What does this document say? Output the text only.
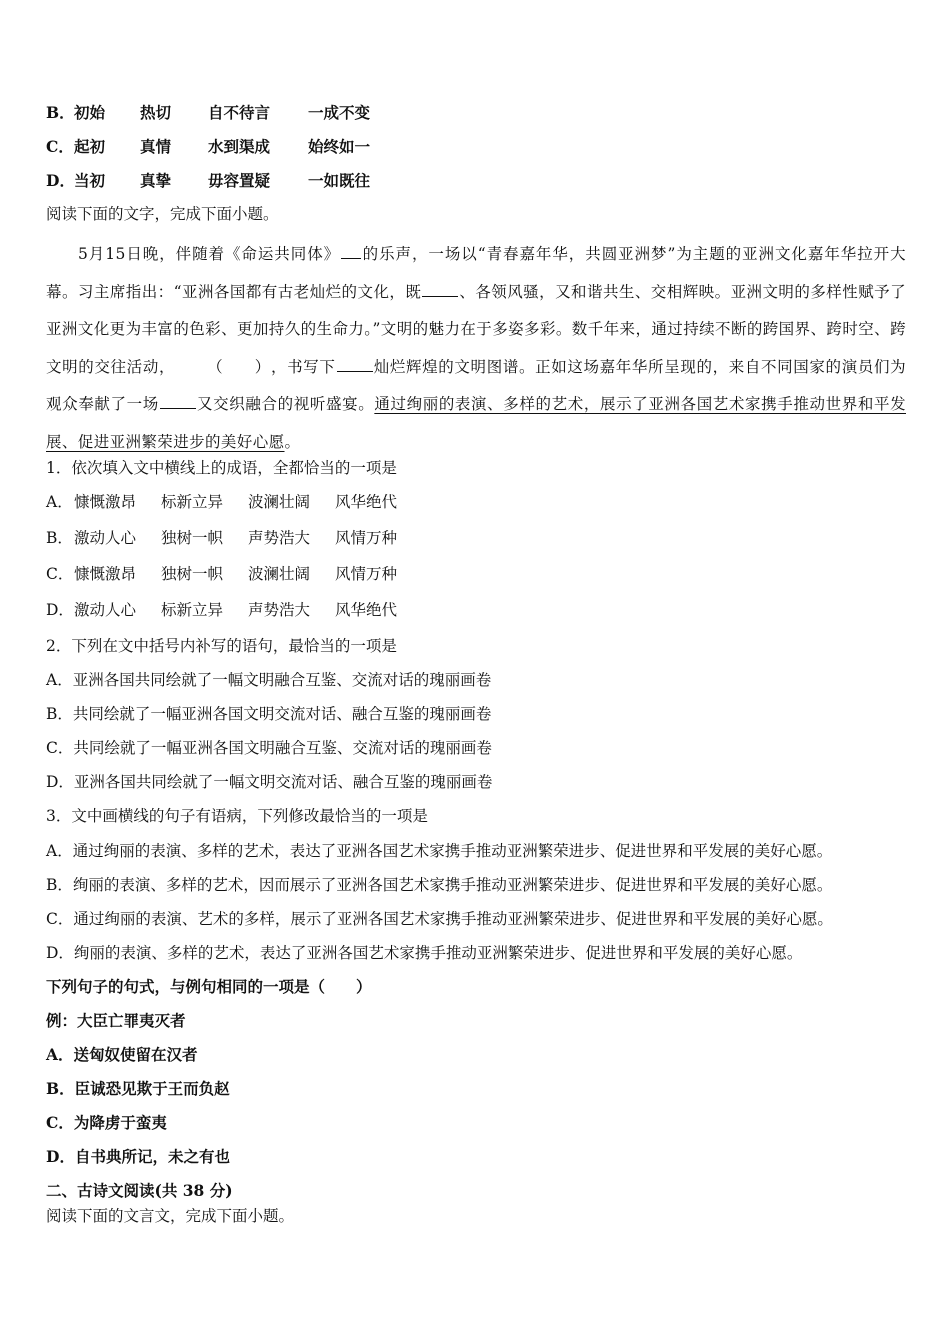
B．初始 热切 自不待言 一成不变
C．起初 真情 水到渠成 始终如一
D．当初 真挚 毋容置疑 一如既往
阅读下面的文字，完成下面小题。
5月15日晚，伴随着《命运共同体》 的乐声，一场以“青春嘉年华，共圆亚洲梦”为主题的亚洲文化嘉年华拉开大幕。习主席指出：“亚洲各国都有古老灿烂的文化，既 、各领风骚，又和谐共生、交相辉映。亚洲文明的多样性赋予了亚洲文化更为丰富的色彩、更加持久的生命力。”文明的魅力在于多姿多彩。数千年来，通过持续不断的跨国界、跨时空、跨文明的交往活动， （　　），书写下 灿烂辉煌的文明图谱。正如这场嘉年华所呈现的，来自不同国家的演员们为观众奉献了一场 又交织融合的视听盛宴。通过绚丽的表演、多样的艺术，展示了亚洲各国艺术家携手推动世界和平发展、促进亚洲繁荣进步的美好心愿。
1．依次填入文中横线上的成语，全都恰当的一项是
A．慷慨激昂 标新立异 波澜壮阔 风华绝代
B．激动人心 独树一帜 声势浩大 风情万种
C．慷慨激昂 独树一帜 波澜壮阔 风情万种
D．激动人心 标新立异 声势浩大 风华绝代
2．下列在文中括号内补写的语句，最恰当的一项是
A．亚洲各国共同绘就了一幅文明融合互鉴、交流对话的瑰丽画卷
B．共同绘就了一幅亚洲各国文明交流对话、融合互鉴的瑰丽画卷
C．共同绘就了一幅亚洲各国文明融合互鉴、交流对话的瑰丽画卷
D．亚洲各国共同绘就了一幅文明交流对话、融合互鉴的瑰丽画卷
3．文中画横线的句子有语病，下列修改最恰当的一项是
A．通过绚丽的表演、多样的艺术，表达了亚洲各国艺术家携手推动亚洲繁荣进步、促进世界和平发展的美好心愿。
B．绚丽的表演、多样的艺术，因而展示了亚洲各国艺术家携手推动亚洲繁荣进步、促进世界和平发展的美好心愿。
C．通过绚丽的表演、艺术的多样，展示了亚洲各国艺术家携手推动亚洲繁荣进步、促进世界和平发展的美好心愿。
D．绚丽的表演、多样的艺术，表达了亚洲各国艺术家携手推动亚洲繁荣进步、促进世界和平发展的美好心愿。
下列句子的句式，与例句相同的一项是（　　）
例：大臣亡罪夷灭者
A．送匈奴使留在汉者
B．臣诚恐见欺于王而负赵
C．为降虏于蛮夷
D．自书典所记，未之有也
二、古诗文阅读(共 38 分)
阅读下面的文言文，完成下面小题。
